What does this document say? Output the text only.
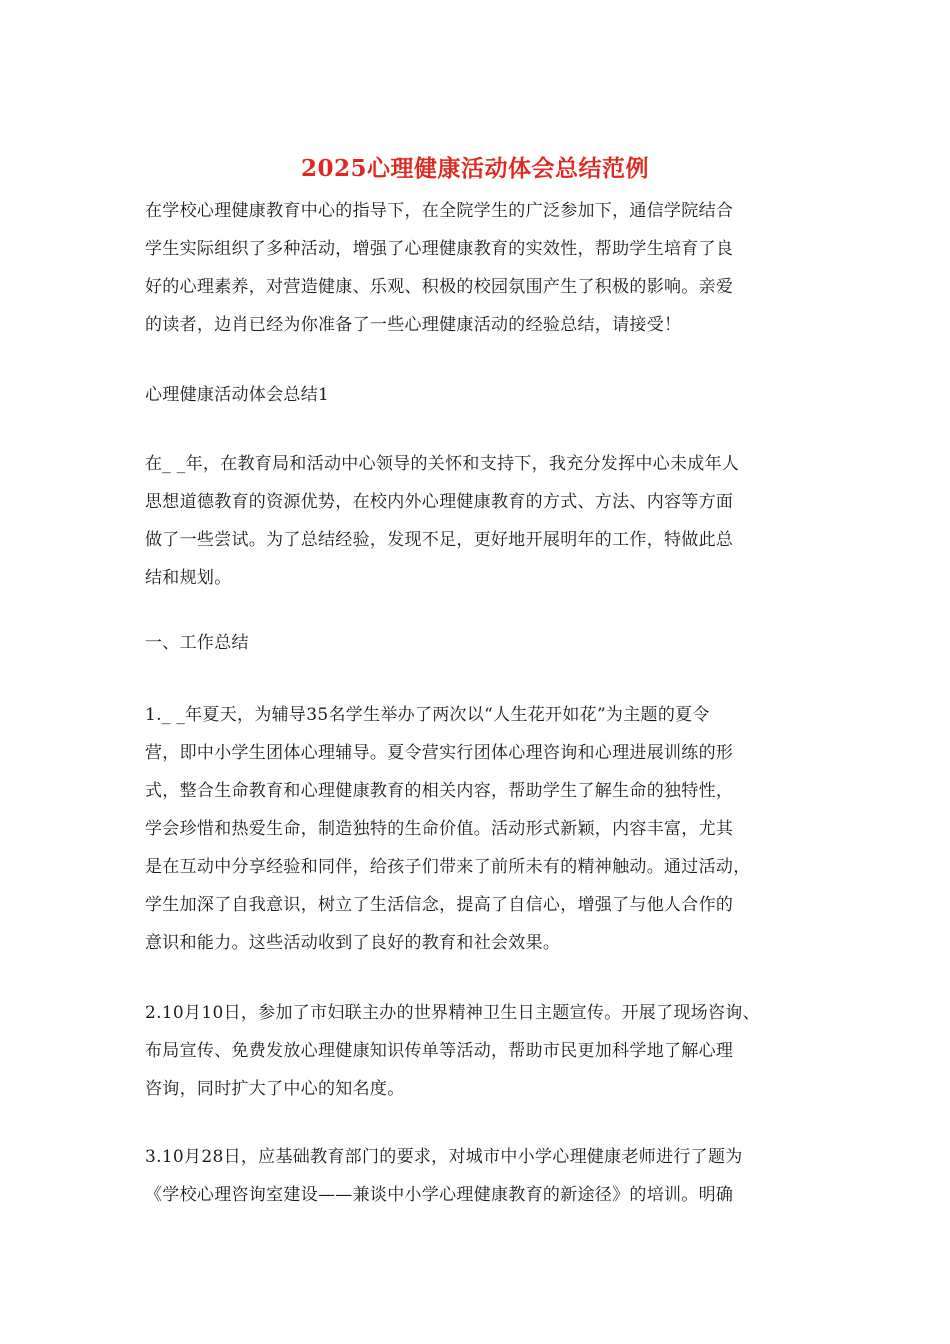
2025心理健康活动体会总结范例
在学校心理健康教育中心的指导下，在全院学生的广泛参加下，通信学院结合
学生实际组织了多种活动，增强了心理健康教育的实效性，帮助学生培育了良
好的心理素养，对营造健康、乐观、积极的校园氛围产生了积极的影响。亲爱
的读者，边肖已经为你准备了一些心理健康活动的经验总结，请接受！
心理健康活动体会总结1
在_ _年，在教育局和活动中心领导的关怀和支持下，我充分发挥中心未成年人
思想道德教育的资源优势，在校内外心理健康教育的方式、方法、内容等方面
做了一些尝试。为了总结经验，发现不足，更好地开展明年的工作，特做此总
结和规划。
一、工作总结
1._ _年夏天，为辅导35名学生举办了两次以“人生花开如花”为主题的夏令
营，即中小学生团体心理辅导。夏令营实行团体心理咨询和心理进展训练的形
式，整合生命教育和心理健康教育的相关内容，帮助学生了解生命的独特性，
学会珍惜和热爱生命，制造独特的生命价值。活动形式新颖，内容丰富，尤其
是在互动中分享经验和同伴，给孩子们带来了前所未有的精神触动。通过活动，
学生加深了自我意识，树立了生活信念，提高了自信心，增强了与他人合作的
意识和能力。这些活动收到了良好的教育和社会效果。
2.10月10日，参加了市妇联主办的世界精神卫生日主题宣传。开展了现场咨询、
布局宣传、免费发放心理健康知识传单等活动，帮助市民更加科学地了解心理
咨询，同时扩大了中心的知名度。
3.10月28日，应基础教育部门的要求，对城市中小学心理健康老师进行了题为
《学校心理咨询室建设——兼谈中小学心理健康教育的新途径》的培训。明确
